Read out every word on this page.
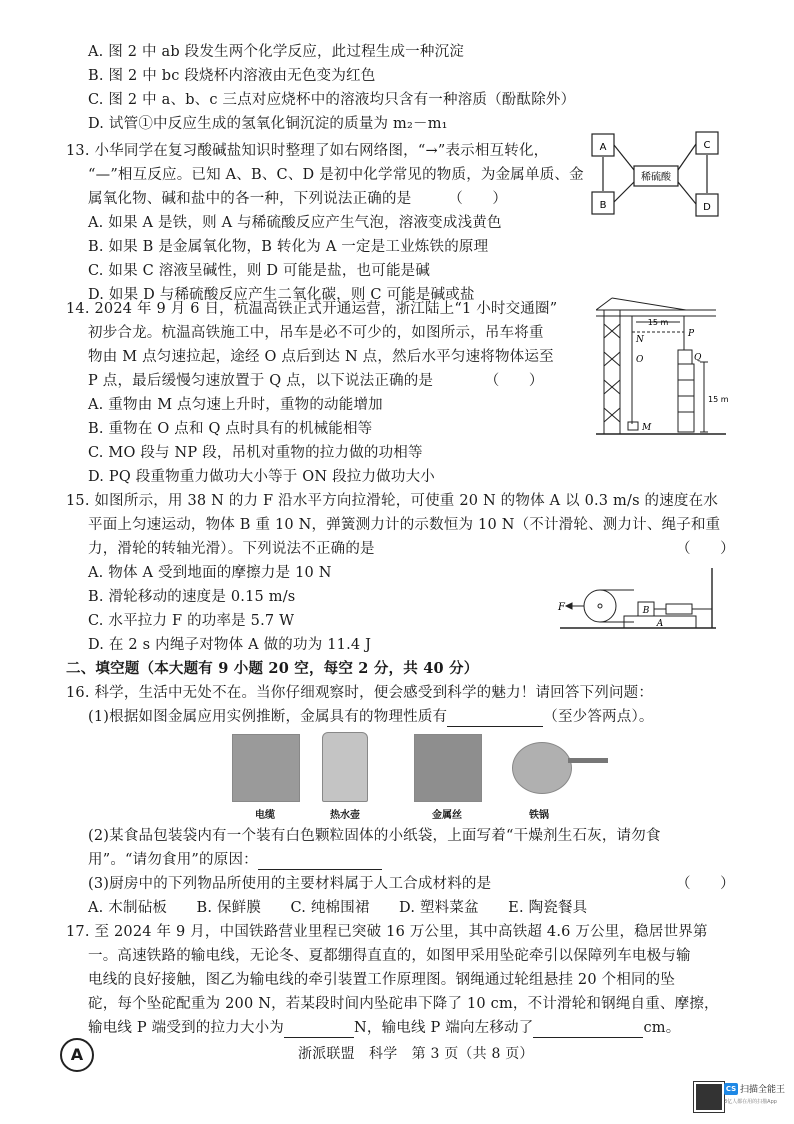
A. 图 2 中 ab 段发生两个化学反应，此过程生成一种沉淀
B. 图 2 中 bc 段烧杯内溶液由无色变为红色
C. 图 2 中 a、b、c 三点对应烧杯中的溶液均只含有一种溶质（酚酞除外）
D. 试管①中反应生成的氢氧化铜沉淀的质量为 m₂－m₁
13. 小华同学在复习酸碱盐知识时整理了如右网络图，“→”表示相互转化，
“—”相互反应。已知 A、B、C、D 是初中化学常见的物质，为金属单质、金
属氧化物、碱和盐中的各一种，下列说法正确的是　　　（　　）
A. 如果 A 是铁，则 A 与稀硫酸反应产生气泡，溶液变成浅黄色
B. 如果 B 是金属氧化物，B 转化为 A 一定是工业炼铁的原理
C. 如果 C 溶液呈碱性，则 D 可能是盐，也可能是碱
D. 如果 D 与稀硫酸反应产生二氧化碳，则 C 可能是碱或盐
A	C
B	D
稀硫酸
14. 2024 年 9 月 6 日，杭温高铁正式开通运营，浙江陆上“1 小时交通圈”
初步合龙。杭温高铁施工中，吊车是必不可少的，如图所示，吊车将重
物由 M 点匀速拉起，途经 O 点后到达 N 点，然后水平匀速将物体运至
P 点，最后缓慢匀速放置于 Q 点，以下说法正确的是　　　　（　　）
A. 重物由 M 点匀速上升时，重物的动能增加
B. 重物在 O 点和 Q 点时具有的机械能相等
C. MO 段与 NP 段，吊机对重物的拉力做的功相等
D. PQ 段重物重力做功大小等于 ON 段拉力做功大小
15 m
N
P
O	Q
M
15 m
15. 如图所示，用 38 N 的力 F 沿水平方向拉滑轮，可使重 20 N 的物体 A 以 0.3 m/s 的速度在水
平面上匀速运动，物体 B 重 10 N，弹簧测力计的示数恒为 10 N（不计滑轮、测力计、绳子和重
力，滑轮的转轴光滑）。下列说法不正确的是	（　　）
A. 物体 A 受到地面的摩擦力是 10 N
B. 滑轮移动的速度是 0.15 m/s
C. 水平拉力 F 的功率是 5.7 W
D. 在 2 s 内绳子对物体 A 做的功为 11.4 J
F	B
A
二、填空题（本大题有 9 小题 20 空，每空 2 分，共 40 分）
16. 科学，生活中无处不在。当你仔细观察时，便会感受到科学的魅力！请回答下列问题：
(1)根据如图金属应用实例推断，金属具有的物理性质有	（至少答两点）。
电缆	热水壶	金属丝	铁锅
(2)某食品包装袋内有一个装有白色颗粒固体的小纸袋，上面写着“干燥剂生石灰，请勿食
用”。“请勿食用”的原因：
(3)厨房中的下列物品所使用的主要材料属于人工合成材料的是	（　　）
A. 木制砧板　　B. 保鲜膜　　C. 纯棉围裙　　D. 塑料菜盆　　E. 陶瓷餐具
17. 至 2024 年 9 月，中国铁路营业里程已突破 16 万公里，其中高铁超 4.6 万公里，稳居世界第
一。高速铁路的输电线，无论冬、夏都绷得直直的，如图甲采用坠砣牵引以保障列车电极与输
电线的良好接触，图乙为输电线的牵引装置工作原理图。钢绳通过轮组悬挂 20 个相同的坠
砣，每个坠砣配重为 200 N，若某段时间内坠砣串下降了 10 cm，不计滑轮和钢绳自重、摩擦，
输电线 P 端受到的拉力大小为	N，输电线 P 端向左移动了	cm。
A	浙派联盟　科学　第 3 页（共 8 页）
CS 扫描全能王
3亿人都在用的扫描App
